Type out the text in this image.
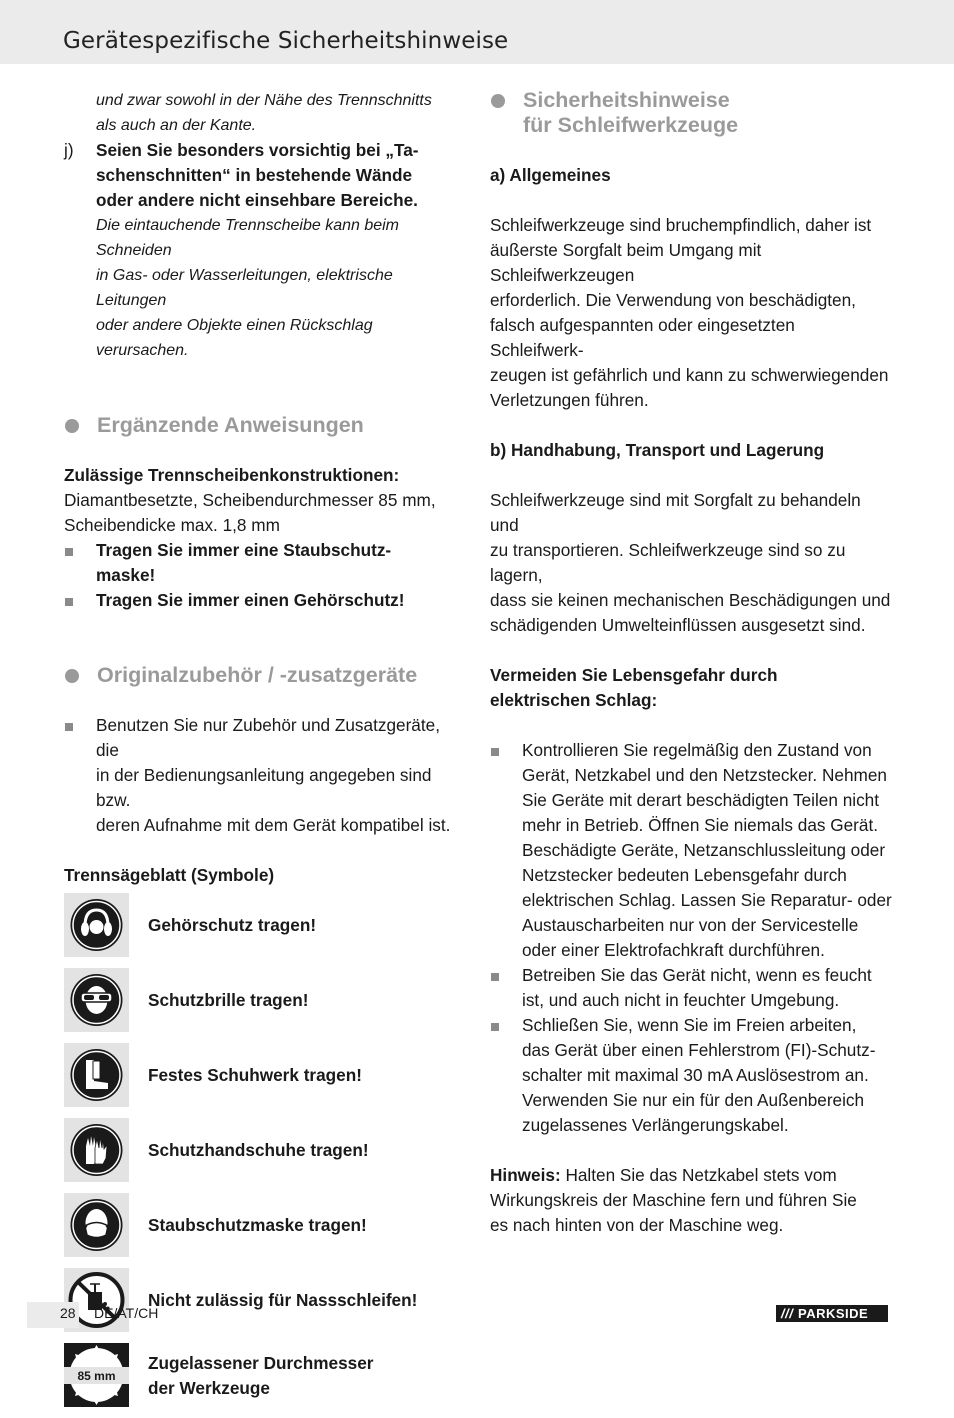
Gerätespezifische Sicherheitshinweise
und zwar sowohl in der Nähe des Trennschnitts
als auch an der Kante.
j) Seien Sie besonders vorsichtig bei „Ta-
schenschnitten“ in bestehende Wände
oder andere nicht einsehbare Bereiche.
Die eintauchende Trennscheibe kann beim Schneiden
in Gas- oder Wasserleitungen, elektrische Leitungen
oder andere Objekte einen Rückschlag verursachen.
Ergänzende Anweisungen
Zulässige Trennscheibenkonstruktionen:
Diamantbesetzte, Scheibendurchmesser 85 mm,
Scheibendicke max. 1,8 mm
Tragen Sie immer eine Staubschutz-
maske!
Tragen Sie immer einen Gehörschutz!
Originalzubehör / -zusatzgeräte
Benutzen Sie nur Zubehör und Zusatzgeräte, die
in der Bedienungsanleitung angegeben sind bzw.
deren Aufnahme mit dem Gerät kompatibel ist.
Trennsägeblatt (Symbole)
Gehörschutz tragen!
Schutzbrille tragen!
Festes Schuhwerk tragen!
Schutzhandschuhe tragen!
Staubschutzmaske tragen!
Nicht zulässig für Nassschleifen!
85 mm
Zugelassener Durchmesser
der Werkzeuge
Sicherheitshinweise
für Schleifwerkzeuge
a) Allgemeines
Schleifwerkzeuge sind bruchempfindlich, daher ist
äußerste Sorgfalt beim Umgang mit Schleifwerkzeugen
erforderlich. Die Verwendung von beschädigten,
falsch aufgespannten oder eingesetzten Schleifwerk-
zeugen ist gefährlich und kann zu schwerwiegenden
Verletzungen führen.
b) Handhabung, Transport und Lagerung
Schleifwerkzeuge sind mit Sorgfalt zu behandeln und
zu transportieren. Schleifwerkzeuge sind so zu lagern,
dass sie keinen mechanischen Beschädigungen und
schädigenden Umwelteinflüssen ausgesetzt sind.
Vermeiden Sie Lebensgefahr durch
elektrischen Schlag:
Kontrollieren Sie regelmäßig den Zustand von
Gerät, Netzkabel und den Netzstecker. Nehmen
Sie Geräte mit derart beschädigten Teilen nicht
mehr in Betrieb. Öffnen Sie niemals das Gerät.
Beschädigte Geräte, Netzanschlussleitung oder
Netzstecker bedeuten Lebensgefahr durch
elektrischen Schlag. Lassen Sie Reparatur- oder
Austauscharbeiten nur von der Servicestelle
oder einer Elektrofachkraft durchführen.
Betreiben Sie das Gerät nicht, wenn es feucht
ist, und auch nicht in feuchter Umgebung.
Schließen Sie, wenn Sie im Freien arbeiten,
das Gerät über einen Fehlerstrom (FI)-Schutz-
schalter mit maximal 30 mA Auslösestrom an.
Verwenden Sie nur ein für den Außenbereich
zugelassenes Verlängerungskabel.
Hinweis: Halten Sie das Netzkabel stets vom
Wirkungskreis der Maschine fern und führen Sie
es nach hinten von der Maschine weg.
28 DE/AT/CH	/// PARKSIDE
